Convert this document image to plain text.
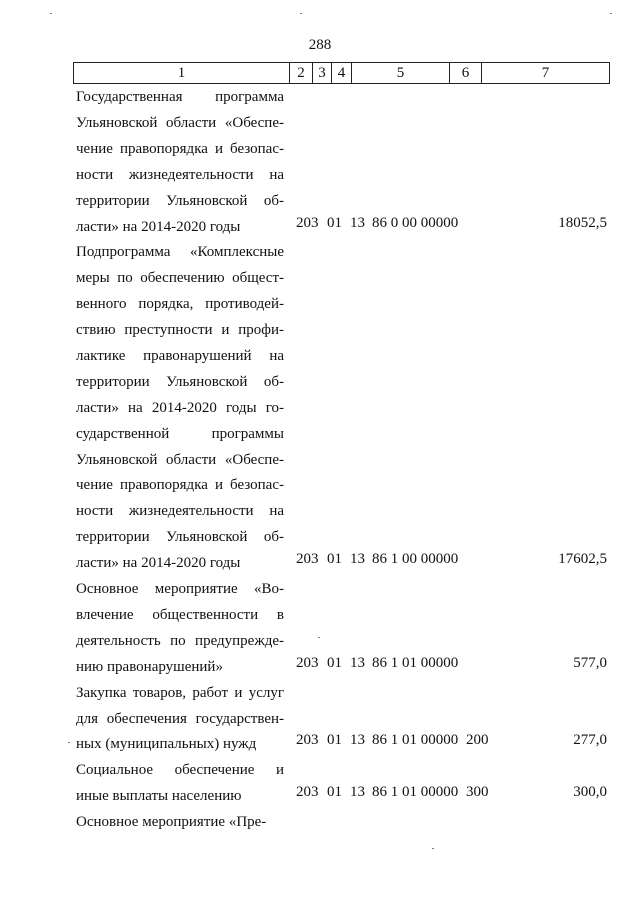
288
1	2 3 4	5	6	7
Государственная программа
Ульяновской области «Обеспе-
чение правопорядка и безопас-
ности жизнедеятельности на
территории Ульяновской об-
ласти» на 2014-2020 годы	203 01 13 86 0 00 00000	18052,5
Подпрограмма «Комплексные
меры по обеспечению общест-
венного порядка, противодей-
ствию преступности и профи-
лактике правонарушений на
территории Ульяновской об-
ласти» на 2014-2020 годы го-
сударственной программы
Ульяновской области «Обеспе-
чение правопорядка и безопас-
ности жизнедеятельности на
территории Ульяновской об-
ласти» на 2014-2020 годы	203 01 13 86 1 00 00000	17602,5
Основное мероприятие «Во-
влечение общественности в
деятельность по предупрежде-
нию правонарушений»	203 01 13 86 1 01 00000	577,0
Закупка товаров, работ и услуг
для обеспечения государствен-
ных (муниципальных) нужд	203 01 13 86 1 01 00000 200	277,0
Социальное обеспечение и
иные выплаты населению	203 01 13 86 1 01 00000 300	300,0
Основное мероприятие «Пре-
